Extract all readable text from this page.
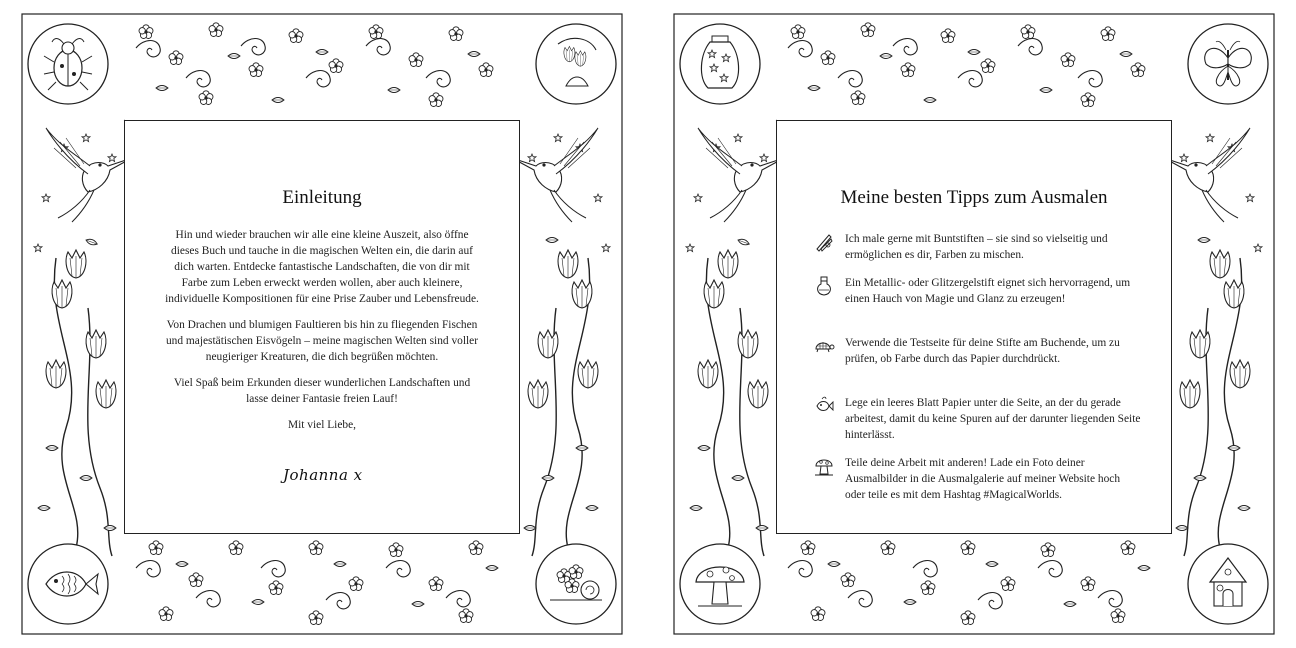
Einleitung

Hin und wieder brauchen wir alle eine kleine Auszeit, also öffne dieses Buch und tauche in die magischen Welten ein, die darin auf dich warten. Entdecke fantastische Landschaften, die von dir mit Farbe zum Leben erweckt werden wollen, aber auch kleinere, individuelle Kompositionen für eine Prise Zauber und Lebensfreude.

Von Drachen und blumigen Faultieren bis hin zu fliegenden Fischen und majestätischen Eisvögeln – meine magischen Welten sind voller neugieriger Kreaturen, die dich begrüßen möchten.

Viel Spaß beim Erkunden dieser wunderlichen Landschaften und lasse deiner Fantasie freien Lauf!

Mit viel Liebe,

Johanna x
Meine besten Tipps zum Ausmalen
Ich male gerne mit Buntstiften – sie sind so vielseitig und ermöglichen es dir, Farben zu mischen.
Ein Metallic- oder Glitzergelstift eignet sich hervorragend, um einen Hauch von Magie und Glanz zu erzeugen!
Verwende die Testseite für deine Stifte am Buchende, um zu prüfen, ob Farbe durch das Papier durchdrückt.
Lege ein leeres Blatt Papier unter die Seite, an der du gerade arbeitest, damit du keine Spuren auf der darunter liegenden Seite hinterlässt.
Teile deine Arbeit mit anderen! Lade ein Foto deiner Ausmalbilder in die Ausmalgalerie auf meiner Website hoch oder teile es mit dem Hashtag #MagicalWorlds.
